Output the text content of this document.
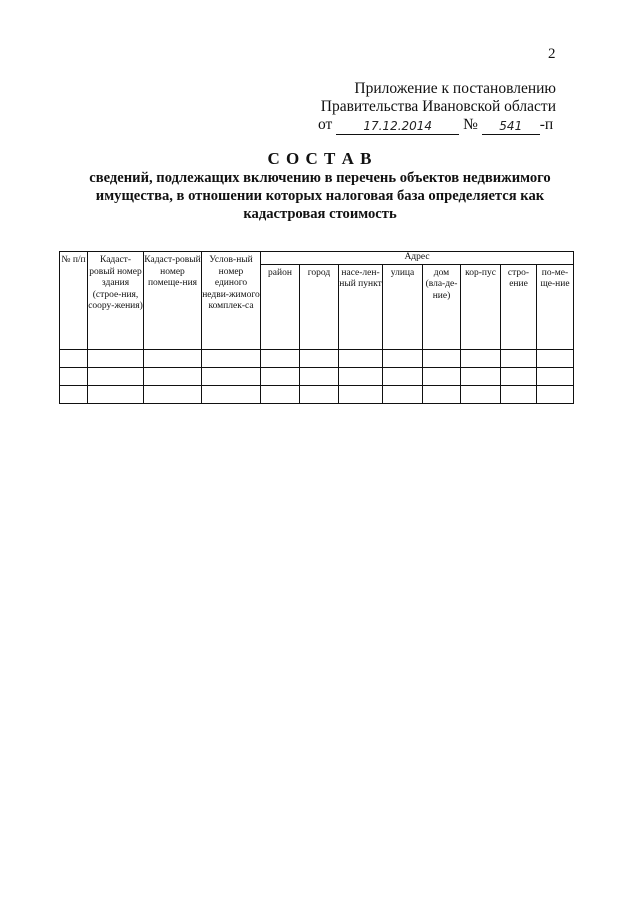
2
Приложение к постановлению
Правительства Ивановской области
от	17.12.2014 № 541 -п
С О С Т А В
сведений, подлежащих включению в перечень объектов недвижимого имущества, в отношении которых налоговая база определяется как кадастровая стоимость
№ п/п	Кадаст-ровый номер здания (строе-ния, соору-жения)	Кадаст-ровый номер помеще-ния	Услов-ный номер единого недви-жимого комплек-са	Адрес							

				район	город	насе-лен-ный пункт	улица	дом (вла-де-ние)	кор-пус	стро-ение	по-ме-ще-ние
